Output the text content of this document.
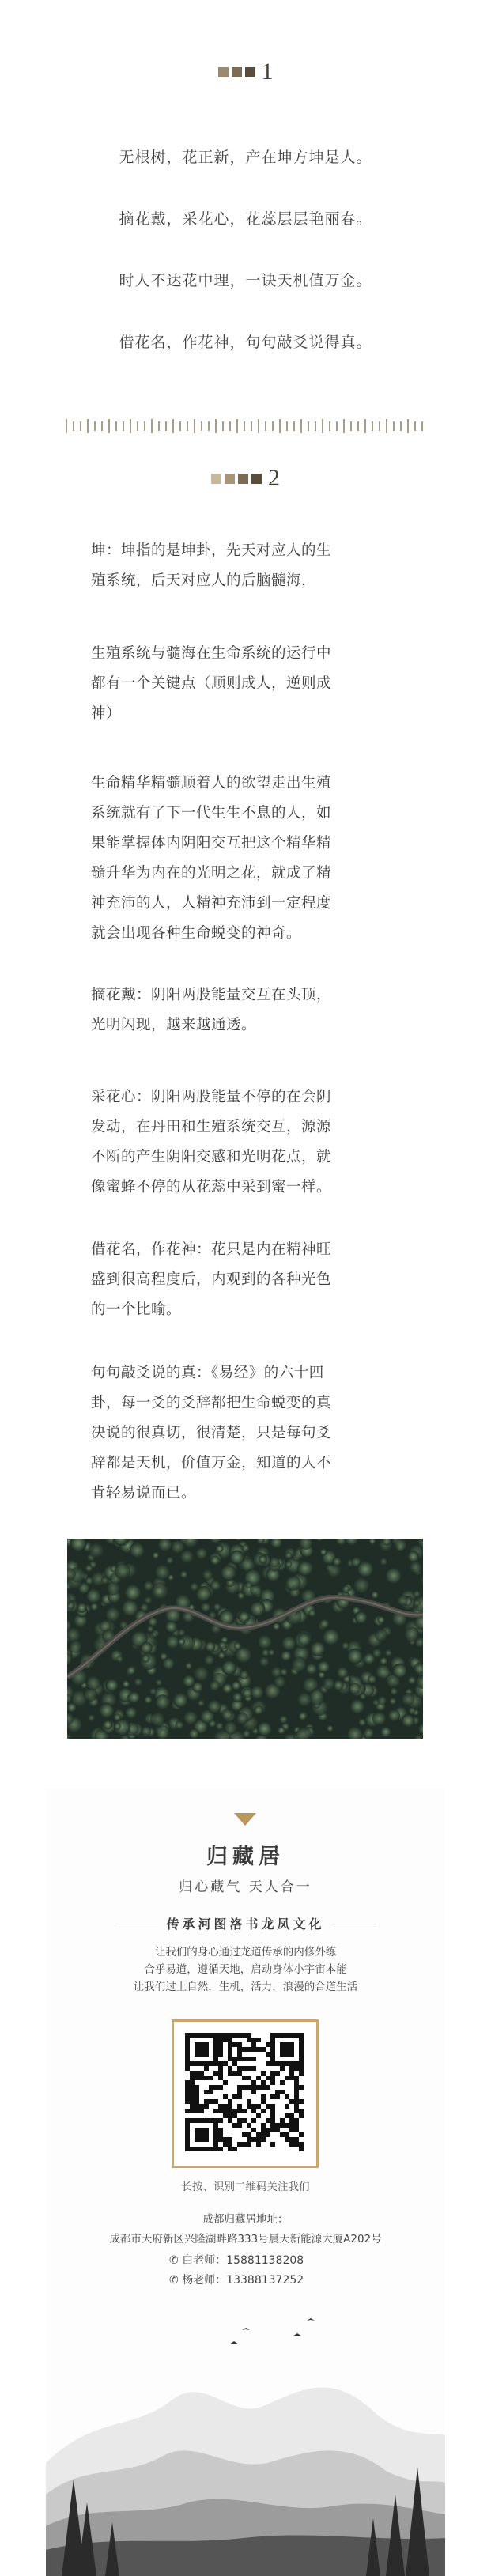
1
无根树，花正新，产在坤方坤是人。
摘花戴，采花心，花蕊层层艳丽春。
时人不达花中理，一诀天机值万金。
借花名，作花神，句句敲爻说得真。
2
坤：坤指的是坤卦，先天对应人的生
殖系统，后天对应人的后脑髓海，
生殖系统与髓海在生命系统的运行中
都有一个关键点（顺则成人，逆则成
神）
生命精华精髓顺着人的欲望走出生殖
系统就有了下一代生生不息的人，如
果能掌握体内阴阳交互把这个精华精
髓升华为内在的光明之花，就成了精
神充沛的人，人精神充沛到一定程度
就会出现各种生命蜕变的神奇。
摘花戴：阴阳两股能量交互在头顶，
光明闪现，越来越通透。
采花心：阴阳两股能量不停的在会阴
发动，在丹田和生殖系统交互，源源
不断的产生阴阳交感和光明花点，就
像蜜蜂不停的从花蕊中采到蜜一样。
借花名，作花神：花只是内在精神旺
盛到很高程度后，内观到的各种光色
的一个比喻。
句句敲爻说的真：《易经》的六十四
卦，每一爻的爻辞都把生命蜕变的真
决说的很真切，很清楚，只是每句爻
辞都是天机，价值万金，知道的人不
肯轻易说而已。
归藏居
归心藏气 天人合一
传承河图洛书龙凤文化
让我们的身心通过龙道传承的内修外练
合乎易道，遵循天地，启动身体小宇宙本能
让我们过上自然，生机，活力，浪漫的合道生活
长按、识别二维码关注我们
成都归藏居地址：
成都市天府新区兴隆湖畔路333号晨天新能源大厦A202号
✆ 白老师：15881138208
✆ 杨老师：13388137252
